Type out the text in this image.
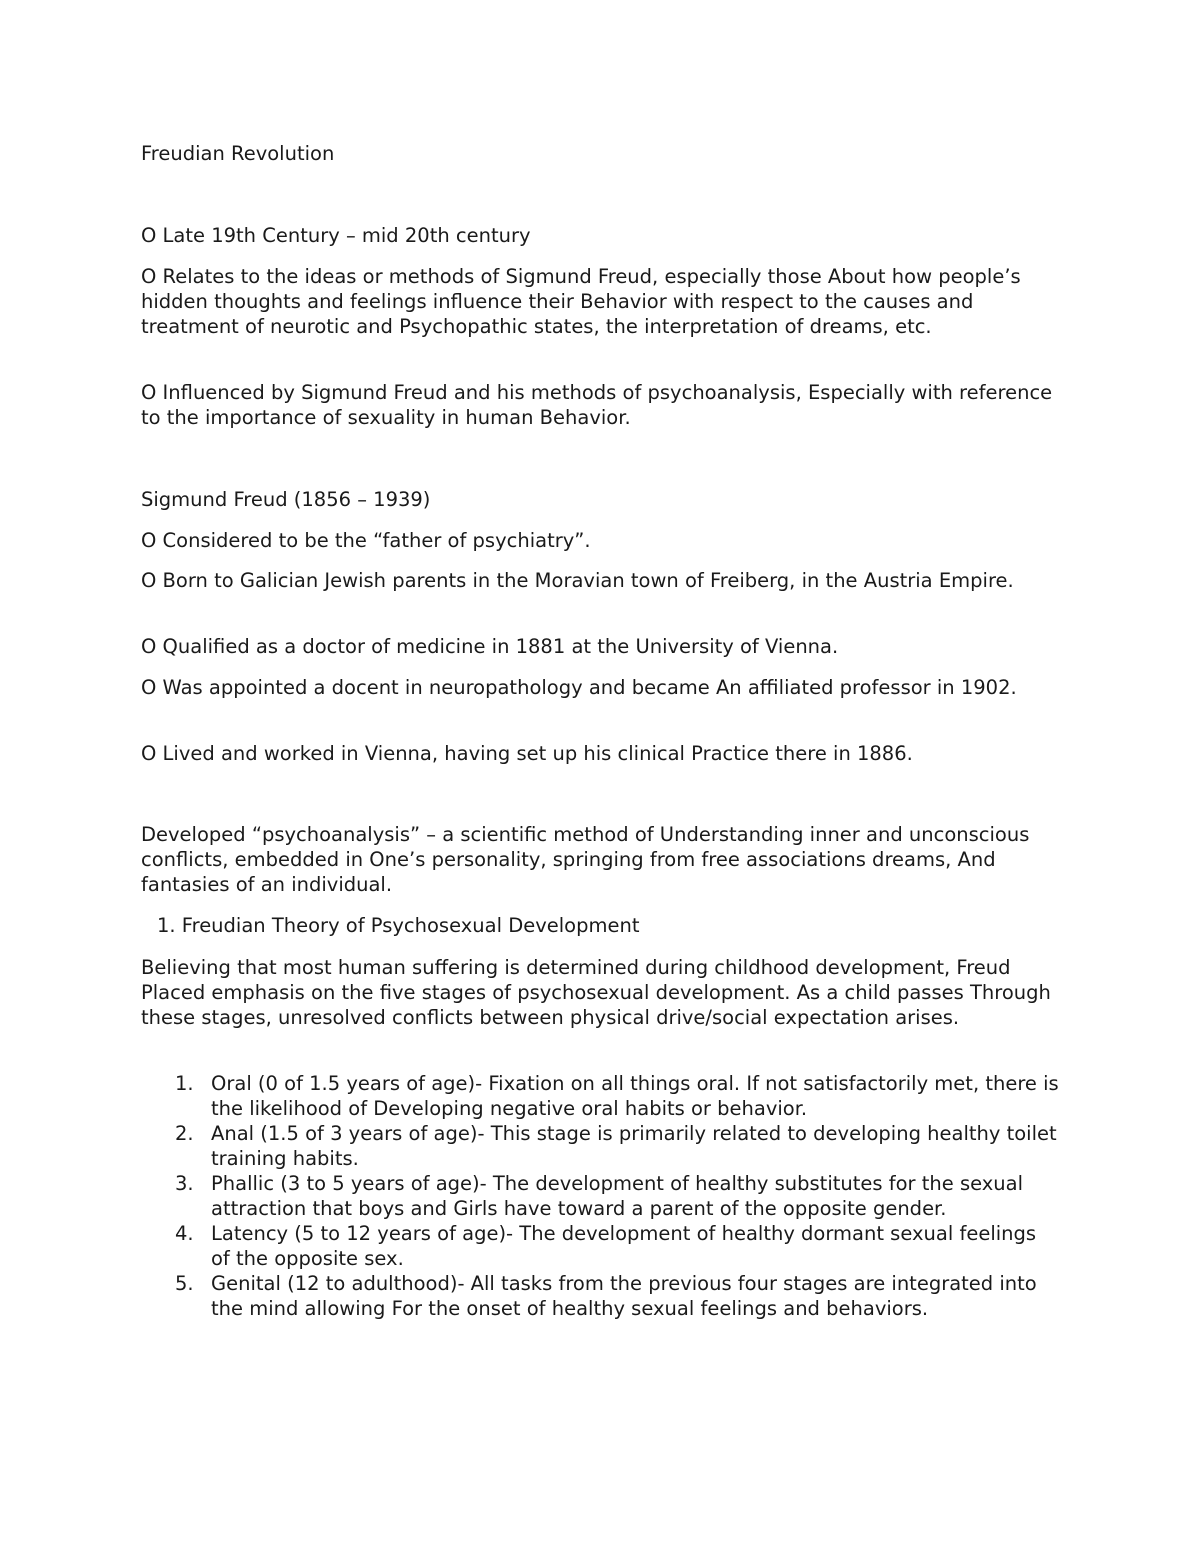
Freudian Revolution

O Late 19th Century – mid 20th century

O Relates to the ideas or methods of Sigmund Freud, especially those About how people’s hidden thoughts and feelings influence their Behavior with respect to the causes and treatment of neurotic and Psychopathic states, the interpretation of dreams, etc.

O Influenced by Sigmund Freud and his methods of psychoanalysis, Especially with reference to the importance of sexuality in human Behavior.

Sigmund Freud (1856 – 1939)

O Considered to be the “father of psychiatry”.

O Born to Galician Jewish parents in the Moravian town of Freiberg, in the Austria Empire.

O Qualified as a doctor of medicine in 1881 at the University of Vienna.

O Was appointed a docent in neuropathology and became An affiliated professor in 1902.

O Lived and worked in Vienna, having set up his clinical Practice there in 1886.

Developed “psychoanalysis” – a scientific method of Understanding inner and unconscious conflicts, embedded in One’s personality, springing from free associations dreams, And fantasies of an individual.

1. Freudian Theory of Psychosexual Development

Believing that most human suffering is determined during childhood development, Freud Placed emphasis on the five stages of psychosexual development. As a child passes Through these stages, unresolved conflicts between physical drive/social expectation arises.

1. Oral (0 of 1.5 years of age)- Fixation on all things oral. If not satisfactorily met, there is the likelihood of Developing negative oral habits or behavior.
2. Anal (1.5 of 3 years of age)- This stage is primarily related to developing healthy toilet training habits.
3. Phallic (3 to 5 years of age)- The development of healthy substitutes for the sexual attraction that boys and Girls have toward a parent of the opposite gender.
4. Latency (5 to 12 years of age)- The development of healthy dormant sexual feelings of the opposite sex.
5. Genital (12 to adulthood)- All tasks from the previous four stages are integrated into the mind allowing For the onset of healthy sexual feelings and behaviors.
